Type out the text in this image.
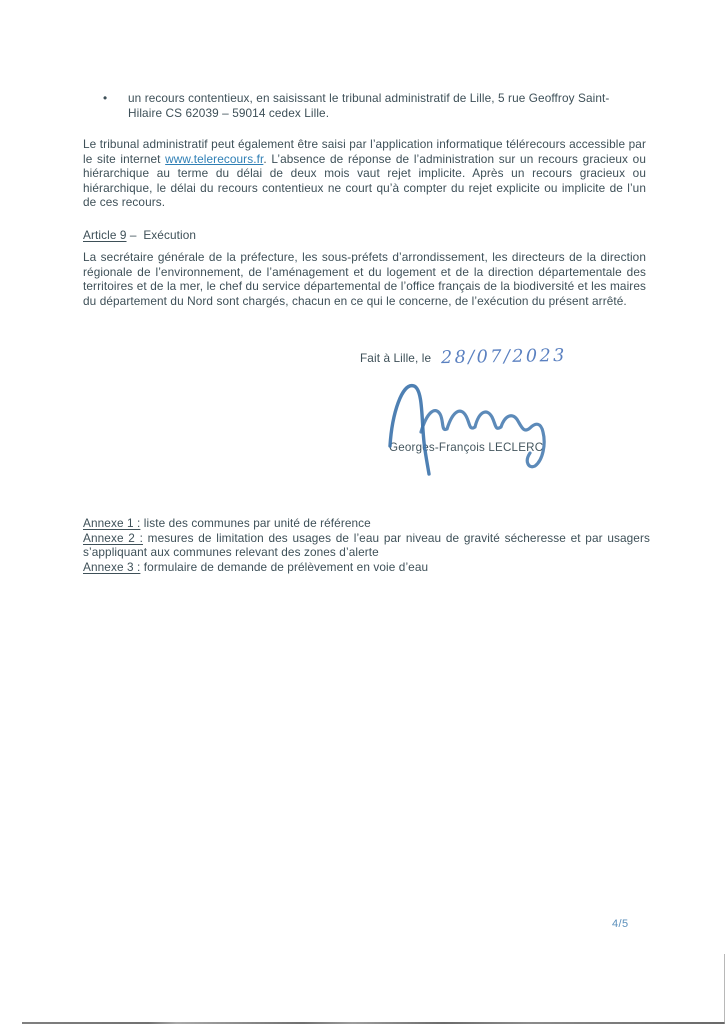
•	un recours contentieux, en saisissant le tribunal administratif de Lille, 5 rue Geoffroy Saint-Hilaire CS 62039 – 59014 cedex Lille.

Le tribunal administratif peut également être saisi par l’application informatique télérecours accessible par le site internet www.telerecours.fr. L’absence de réponse de l’administration sur un recours gracieux ou hiérarchique au terme du délai de deux mois vaut rejet implicite. Après un recours gracieux ou hiérarchique, le délai du recours contentieux ne court qu’à compter du rejet explicite ou implicite de l’un de ces recours.

Article 9 –  Exécution

La secrétaire générale de la préfecture, les sous-préfets d’arrondissement, les directeurs de la direction régionale de l’environnement, de l’aménagement et du logement et de la direction départementale des territoires et de la mer, le chef du service départemental de l’office français de la biodiversité et les maires du département du Nord sont chargés, chacun en ce qui le concerne, de l’exécution du présent arrêté.

Fait à Lille, le 28/07/2023
Georges-François LECLERC

Annexe 1 : liste des communes par unité de référence

Annexe 2 : mesures de limitation des usages de l’eau par niveau de gravité sécheresse et par usagers s’appliquant aux communes relevant des zones d’alerte

Annexe 3 : formulaire de demande de prélèvement en voie d’eau

4/5
